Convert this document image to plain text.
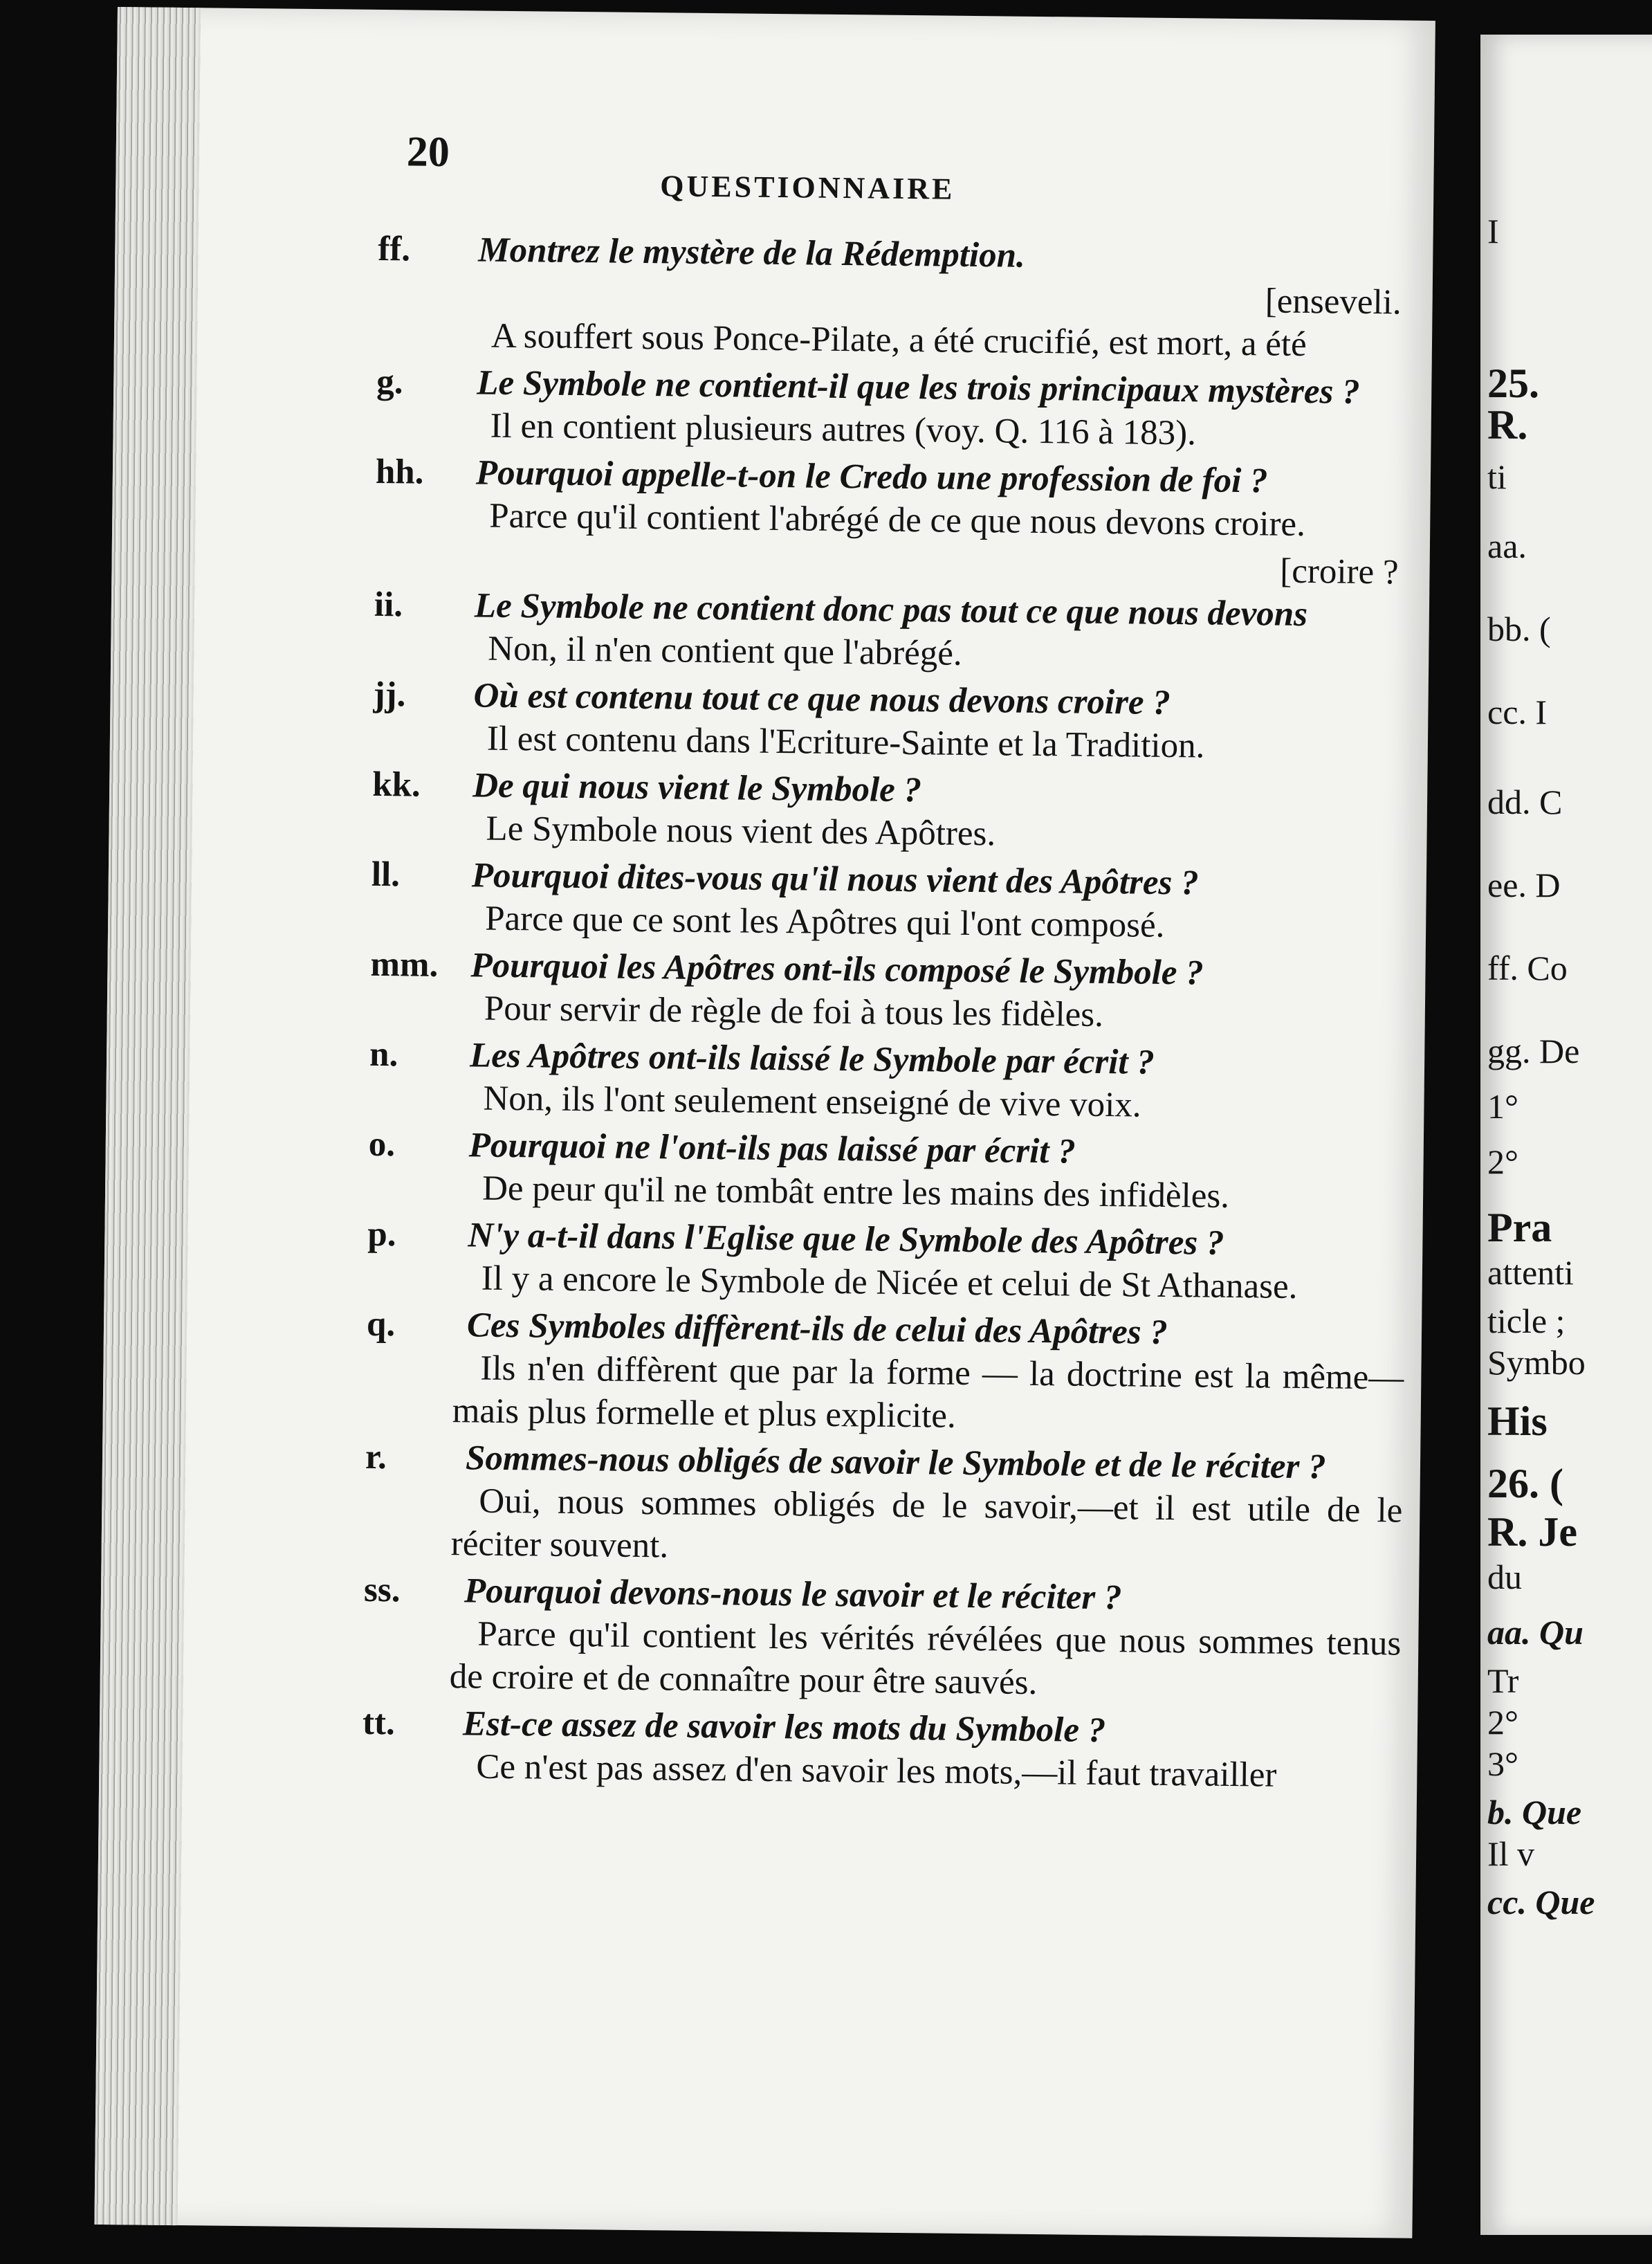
20
QUESTIONNAIRE
ff. Montrez le mystère de la Rédemption.
[enseveli.
A souffert sous Ponce-Pilate, a été crucifié, est mort, a été
g. Le Symbole ne contient-il que les trois principaux mystères ?
Il en contient plusieurs autres (voy. Q. 116 à 183).
hh. Pourquoi appelle-t-on le Credo une profession de foi ?
Parce qu'il contient l'abrégé de ce que nous devons croire.
[croire ?
ii. Le Symbole ne contient donc pas tout ce que nous devons
Non, il n'en contient que l'abrégé.
jj. Où est contenu tout ce que nous devons croire ?
Il est contenu dans l'Ecriture-Sainte et la Tradition.
kk. De qui nous vient le Symbole ?
Le Symbole nous vient des Apôtres.
ll. Pourquoi dites-vous qu'il nous vient des Apôtres ?
Parce que ce sont les Apôtres qui l'ont composé.
mm. Pourquoi les Apôtres ont-ils composé le Symbole ?
Pour servir de règle de foi à tous les fidèles.
n. Les Apôtres ont-ils laissé le Symbole par écrit ?
Non, ils l'ont seulement enseigné de vive voix.
o. Pourquoi ne l'ont-ils pas laissé par écrit ?
De peur qu'il ne tombât entre les mains des infidèles.
p. N'y a-t-il dans l'Eglise que le Symbole des Apôtres ?
Il y a encore le Symbole de Nicée et celui de St Athanase.
q. Ces Symboles diffèrent-ils de celui des Apôtres ?
Ils n'en diffèrent que par la forme — la doctrine est la même—mais plus formelle et plus explicite.
r. Sommes-nous obligés de savoir le Symbole et de le réciter ?
Oui, nous sommes obligés de le savoir,—et il est utile de le réciter souvent.
ss. Pourquoi devons-nous le savoir et le réciter ?
Parce qu'il contient les vérités révélées que nous sommes tenus de croire et de connaître pour être sauvés.
tt. Est-ce assez de savoir les mots du Symbole ?
Ce n'est pas assez d'en savoir les mots,—il faut travailler
I
25.
R.
ti
aa.
bb. (
cc. I
dd. C
ee. D
ff. Co
gg. De
1°
2°
Pra
attenti
ticle ;
Symbo
His
26. (
R. Je
du
aa. Qu
Tr
2°
3°
b. Que
Il v
cc. Que
